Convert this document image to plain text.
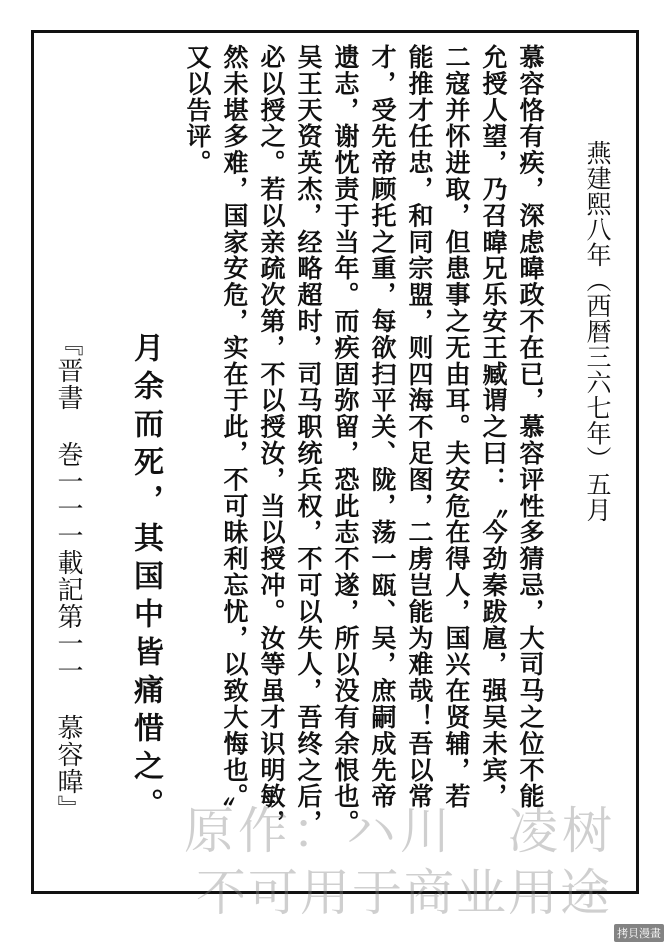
燕建熙八年（西暦三六七年）五月

慕容恪有疾，深虑暐政不在已，慕容评性多猜忌，大司马之位不能

允授人望，乃召暐兄乐安王臧谓之曰：〝今劲秦跋扈，强吴未宾，

二寇并怀进取，但患事之无由耳。夫安危在得人，国兴在贤辅，若

能推才任忠，和同宗盟，则四海不足图，二虏岂能为难哉！吾以常

才，受先帝顾托之重，每欲扫平关、陇，荡一瓯、吴，庶嗣成先帝

遗志，谢忱责于当年。而疾固弥留，恐此志不遂，所以没有余恨也。

吴王天资英杰，经略超时，司马职统兵权，不可以失人，吾终之后，

必以授之。若以亲疏次第，不以授汝，当以授冲。汝等虽才识明敏，

然未堪多难，国家安危，实在于此，不可昧利忘忧，以致大悔也。〟

又以告评。

月余而死，其国中皆痛惜之。

『晋書巻一一一載記第一一慕容暐』

原作：ハ川　凌树
不可用于商业用途
拷貝漫畫
